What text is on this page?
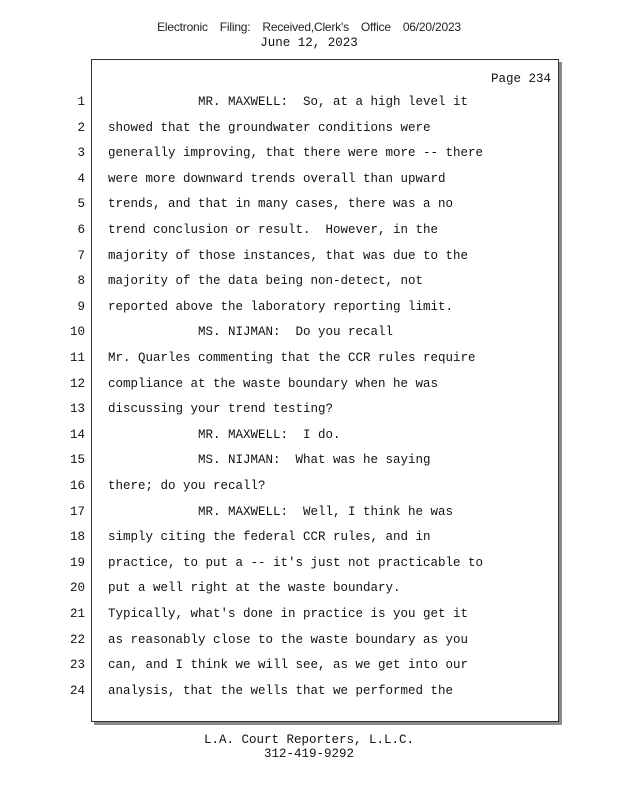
Electronic Filing: Received,Clerk's Office 06/20/2023
June 12, 2023
Page 234
1 MR. MAXWELL:  So, at a high level it
2 showed that the groundwater conditions were
3 generally improving, that there were more -- there
4 were more downward trends overall than upward
5 trends, and that in many cases, there was a no
6 trend conclusion or result.  However, in the
7 majority of those instances, that was due to the
8 majority of the data being non-detect, not
9 reported above the laboratory reporting limit.
10 MS. NIJMAN:  Do you recall
11 Mr. Quarles commenting that the CCR rules require
12 compliance at the waste boundary when he was
13 discussing your trend testing?
14 MR. MAXWELL:  I do.
15 MS. NIJMAN:  What was he saying
16 there; do you recall?
17 MR. MAXWELL:  Well, I think he was
18 simply citing the federal CCR rules, and in
19 practice, to put a -- it's just not practicable to
20 put a well right at the waste boundary.
21 Typically, what's done in practice is you get it
22 as reasonably close to the waste boundary as you
23 can, and I think we will see, as we get into our
24 analysis, that the wells that we performed the
L.A. Court Reporters, L.L.C.
312-419-9292
